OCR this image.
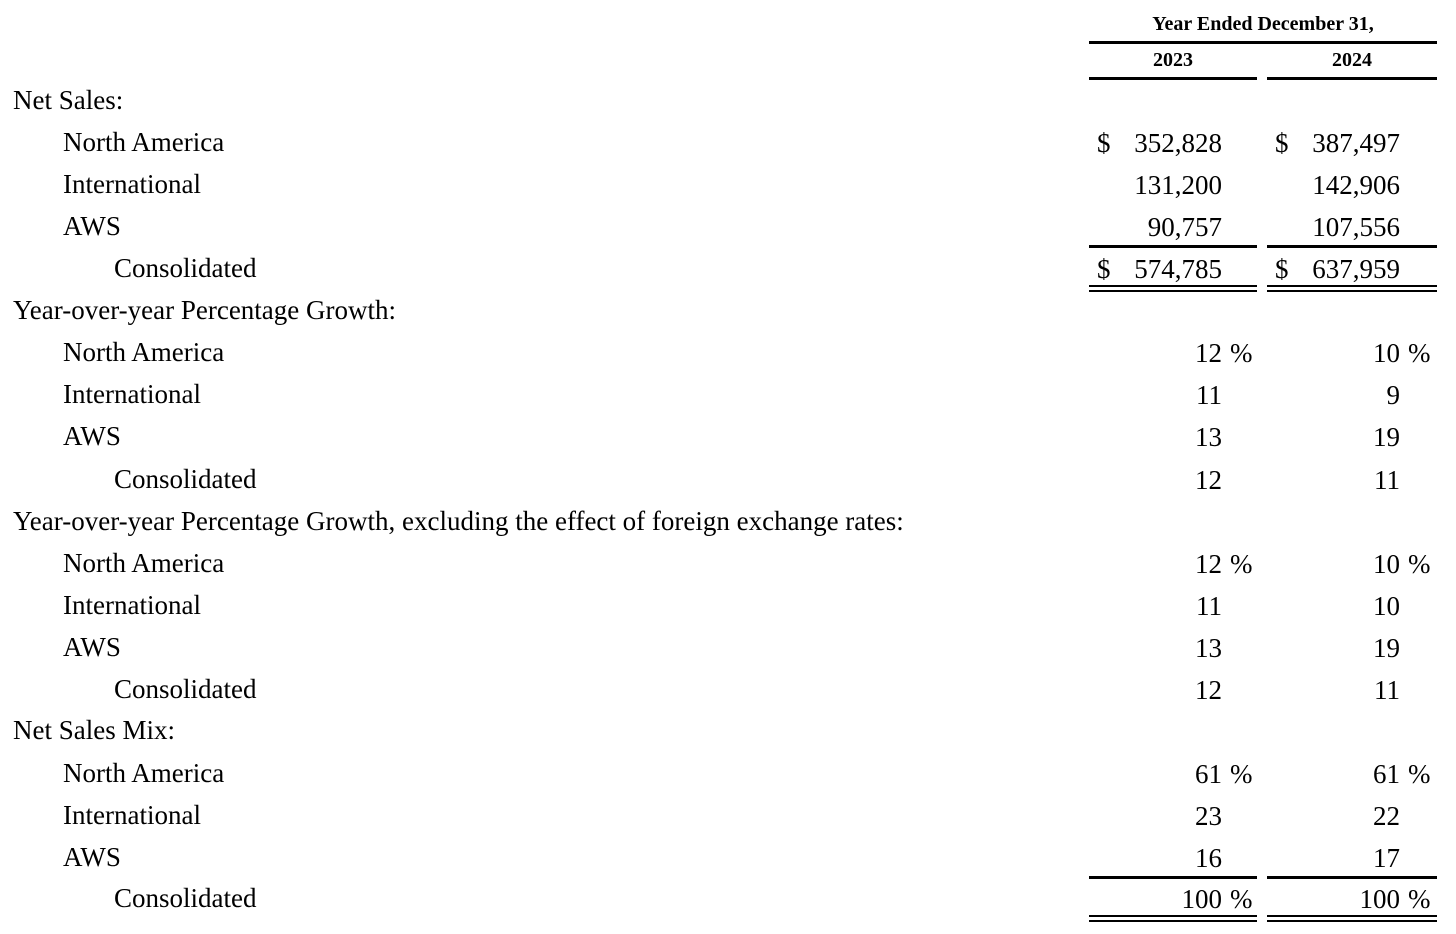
Year Ended December 31,
2023	2024
Net Sales:
North America	$ 352,828 $ 387,497
International	131,200	142,906
AWS	90,757	107,556
Consolidated	$ 574,785 $ 637,959
Year-over-year Percentage Growth:
North America	12 %	10 %
International	11	9
AWS	13	19
Consolidated	12	11
Year-over-year Percentage Growth, excluding the effect of foreign exchange rates:
North America	12 %	10 %
International	11	10
AWS	13	19
Consolidated	12	11
Net Sales Mix:
North America	61 %	61 %
International	23	22
AWS	16	17
Consolidated	100 %	100 %
